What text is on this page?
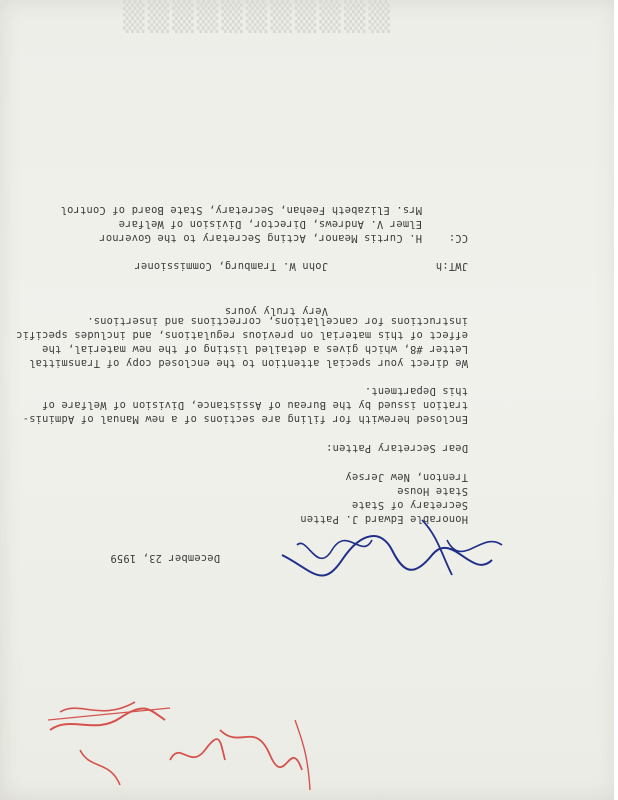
▒▒▒▒▒▒▒▒▒▒▒
December 23, 1959
Honorable Edward J. Patten
Secretary of State
State House
Trenton, New Jersey
Dear Secretary Patten:
Enclosed herewith for filing are sections of a new Manual of Adminis-
tration issued by the Bureau of Assistance, Division of Welfare of
this Department.
We direct your special attention to the enclosed copy of Transmittal
Letter #8, which gives a detailed listing of the new material, the
effect of this material on previous regulations, and includes specific
instructions for cancellations, corrections and insertions.
Very truly yours
John W. Tramburg, Commissioner	JWT:h
CC:
H. Curtis Meanor, Acting Secretary to the Governor
Elmer V. Andrews, Director, Division of Welfare
Mrs. Elizabeth Feehan, Secretary, State Board of Control
